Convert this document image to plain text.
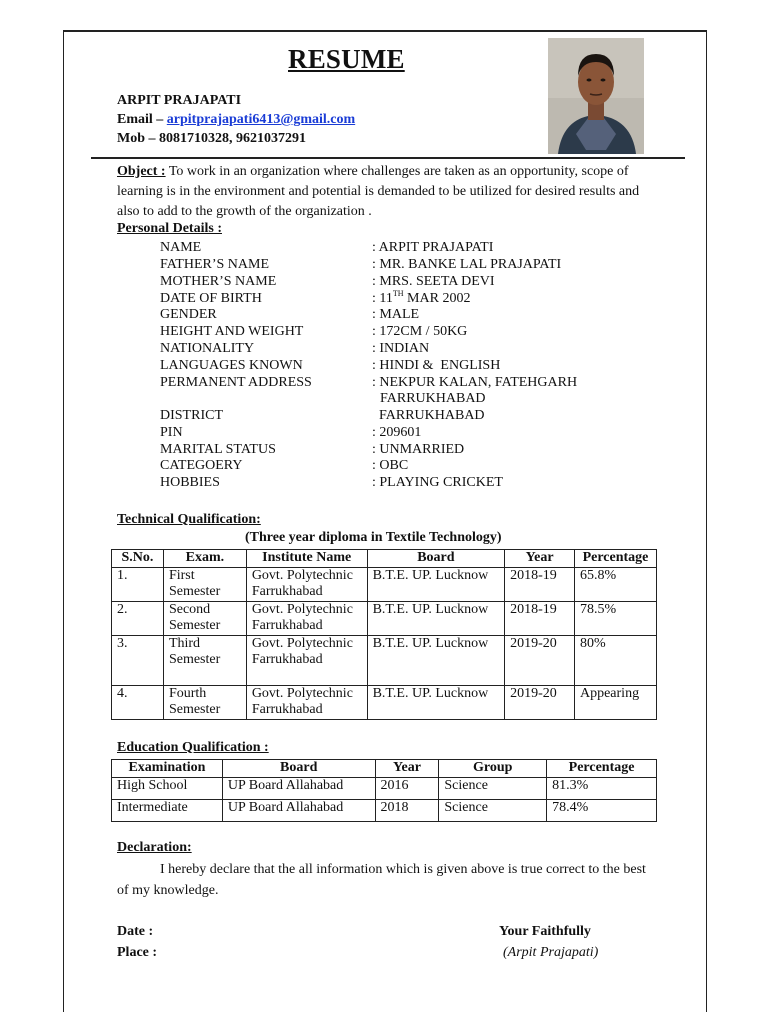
RESUME
ARPIT PRAJAPATI
Email – arpitprajapati6413@gmail.com
Mob – 8081710328, 9621037291
Object : To work in an organization where challenges are taken as an opportunity, scope of learning is in the environment and potential is demanded to be utilized for desired results and also to add to the growth of the organization .
Personal Details :
NAME	: ARPIT PRAJAPATI
FATHER’S NAME	: MR. BANKE LAL PRAJAPATI
MOTHER’S NAME	: MRS. SEETA DEVI
DATE OF BIRTH	: 11TH MAR 2002
GENDER	: MALE
HEIGHT AND WEIGHT	: 172CM / 50KG
NATIONALITY	: INDIAN
LANGUAGES KNOWN	: HINDI &  ENGLISH
PERMANENT ADDRESS	: NEKPUR KALAN, FATEHGARH
FARRUKHABAD
DISTRICT	FARRUKHABAD
PIN	: 209601
MARITAL STATUS	: UNMARRIED
CATEGOERY	: OBC
HOBBIES	: PLAYING CRICKET
Technical Qualification:
(Three year diploma in Textile Technology)
S.No.	Exam.	Institute Name	Board	Year	Percentage
1.	First Semester	Govt. Polytechnic Farrukhabad	B.T.E. UP. Lucknow	2018-19	65.8%
2.	Second Semester	Govt. Polytechnic Farrukhabad	B.T.E. UP. Lucknow	2018-19	78.5%
3.	Third Semester	Govt. Polytechnic Farrukhabad	B.T.E. UP. Lucknow	2019-20	80%
4.	Fourth Semester	Govt. Polytechnic Farrukhabad	B.T.E. UP. Lucknow	2019-20	Appearing
Education Qualification :
Examination	Board	Year	Group	Percentage
High School	UP Board Allahabad	2016	Science	81.3%
Intermediate	UP Board Allahabad	2018	Science	78.4%
Declaration:
I hereby declare that the all information which is given above is true correct to the best of my knowledge.
Date :
Place :
Your Faithfully
(Arpit Prajapati)
